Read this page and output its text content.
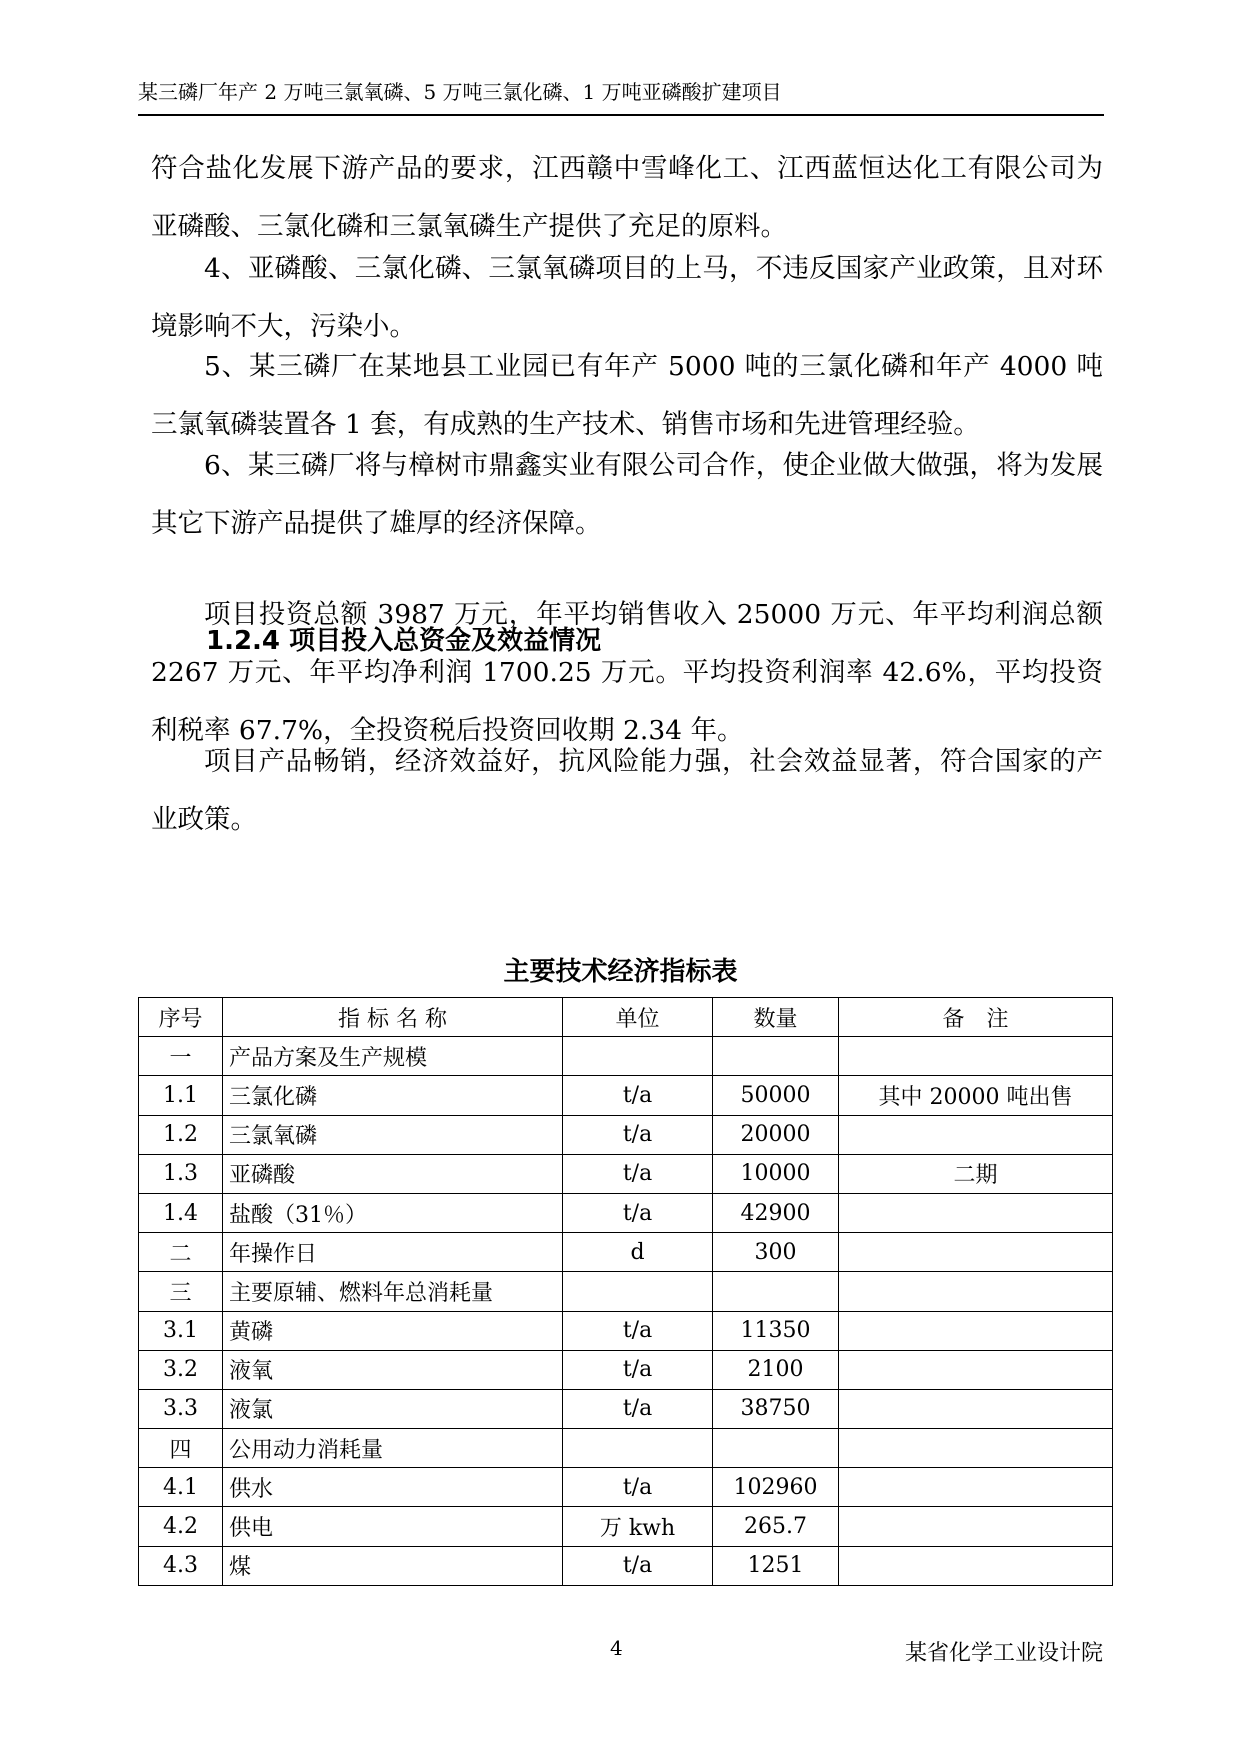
某三磷厂年产 2 万吨三氯氧磷、5 万吨三氯化磷、1 万吨亚磷酸扩建项目

符合盐化发展下游产品的要求，江西赣中雪峰化工、江西蓝恒达化工有限公司为亚磷酸、三氯化磷和三氯氧磷生产提供了充足的原料。

4、亚磷酸、三氯化磷、三氯氧磷项目的上马，不违反国家产业政策，且对环境影响不大，污染小。

5、某三磷厂在某地县工业园已有年产 5000 吨的三氯化磷和年产 4000 吨三氯氧磷装置各 1 套，有成熟的生产技术、销售市场和先进管理经验。

6、某三磷厂将与樟树市鼎鑫实业有限公司合作，使企业做大做强，将为发展其它下游产品提供了雄厚的经济保障。

1.2.4 项目投入总资金及效益情况

项目投资总额 3987 万元，年平均销售收入 25000 万元、年平均利润总额 2267 万元、年平均净利润 1700.25 万元。平均投资利润率 42.6%，平均投资利税率 67.7%，全投资税后投资回收期 2.34 年。

项目产品畅销，经济效益好，抗风险能力强，社会效益显著，符合国家的产业政策。

主要技术经济指标表
序号	指 标 名 称	单位	数量	备　注
一	产品方案及生产规模			
1.1	三氯化磷	t/a	50000	其中 20000 吨出售
1.2	三氯氧磷	t/a	20000	
1.3	亚磷酸	t/a	10000	二期
1.4	盐酸（31％）	t/a	42900	
二	年操作日	d	300	
三	主要原辅、燃料年总消耗量			
3.1	黄磷	t/a	11350	
3.2	液氧	t/a	2100	
3.3	液氯	t/a	38750	
四	公用动力消耗量			
4.1	供水	t/a	102960	
4.2	供电	万 kwh	265.7	
4.3	煤	t/a	1251	
4	某省化学工业设计院
